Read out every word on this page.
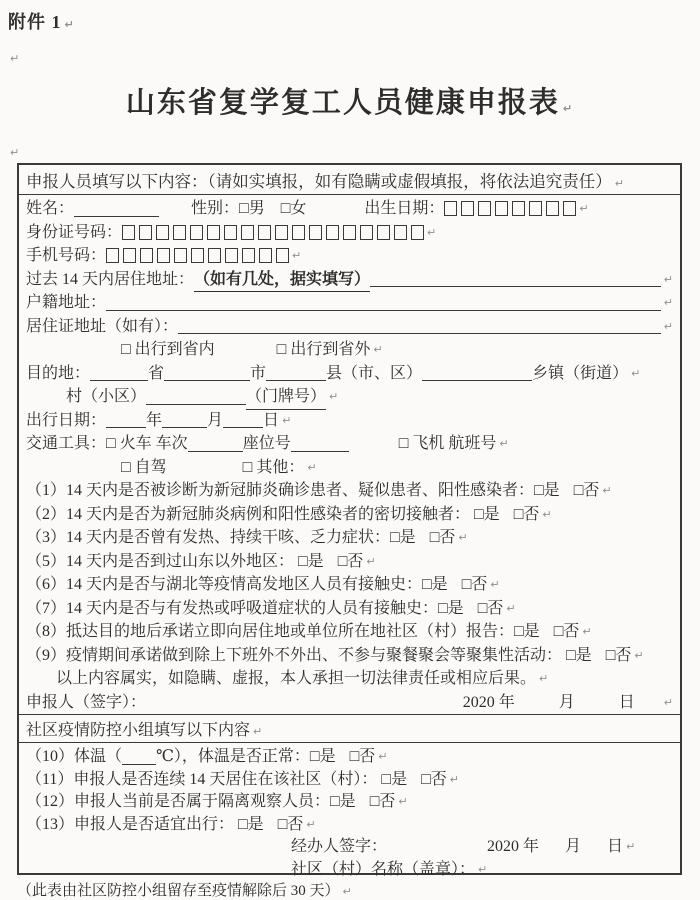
附件 1 ↵
↵
↵
山东省复学复工人员健康申报表 ↵
申报人员填写以下内容：（请如实填报，如有隐瞒或虚假填报，将依法追究责任） ↵
姓名：	性别： □男 □女	出生日期：	↵
身份证号码：	↵
手机号码：	↵
过去 14 天内居住地址： （如有几处，据实填写）	↵
户籍地址：	↵
居住证地址（如有）：	↵
□ 出行到省内	□ 出行到省外 ↵
目的地：	省	市	县（市、区）	乡镇（街道） ↵
村（小区）	（门牌号） ↵
出行日期：	年	月	日 ↵
交通工具： □ 火车 车次	座位号	□ 飞机 航班号 ↵
□ 自驾	□ 其他： ↵
（1）14 天内是否被诊断为新冠肺炎确诊患者、疑似患者、阳性感染者： □是 □否 ↵
（2）14 天内是否为新冠肺炎病例和阳性感染者的密切接触者： □是 □否 ↵
（3）14 天内是否曾有发热、持续干咳、乏力症状： □是 □否 ↵
（5）14 天内是否到过山东以外地区： □是 □否 ↵
（6）14 天内是否与湖北等疫情高发地区人员有接触史： □是 □否 ↵
（7）14 天内是否与有发热或呼吸道症状的人员有接触史： □是 □否 ↵
（8）抵达目的地后承诺立即向居住地或单位所在地社区（村）报告： □是 □否 ↵
（9）疫情期间承诺做到除上下班外不外出、不参与聚餐聚会等聚集性活动： □是 □否 ↵
以上内容属实，如隐瞒、虚报，本人承担一切法律责任或相应后果。 ↵
申报人（签字）：	2020 年	月	日	↵
社区疫情防控小组填写以下内容 ↵
（10）体温（ ℃），体温是否正常： □是 □否 ↵
（11）申报人是否连续 14 天居住在该社区（村）： □是 □否 ↵
（12）申报人当前是否属于隔离观察人员： □是 □否 ↵
（13）申报人是否适宜出行： □是 □否 ↵
经办人签字：	2020 年 月 日 ↵
社区（村）名称（盖章）： ↵
（此表由社区防控小组留存至疫情解除后 30 天） ↵
